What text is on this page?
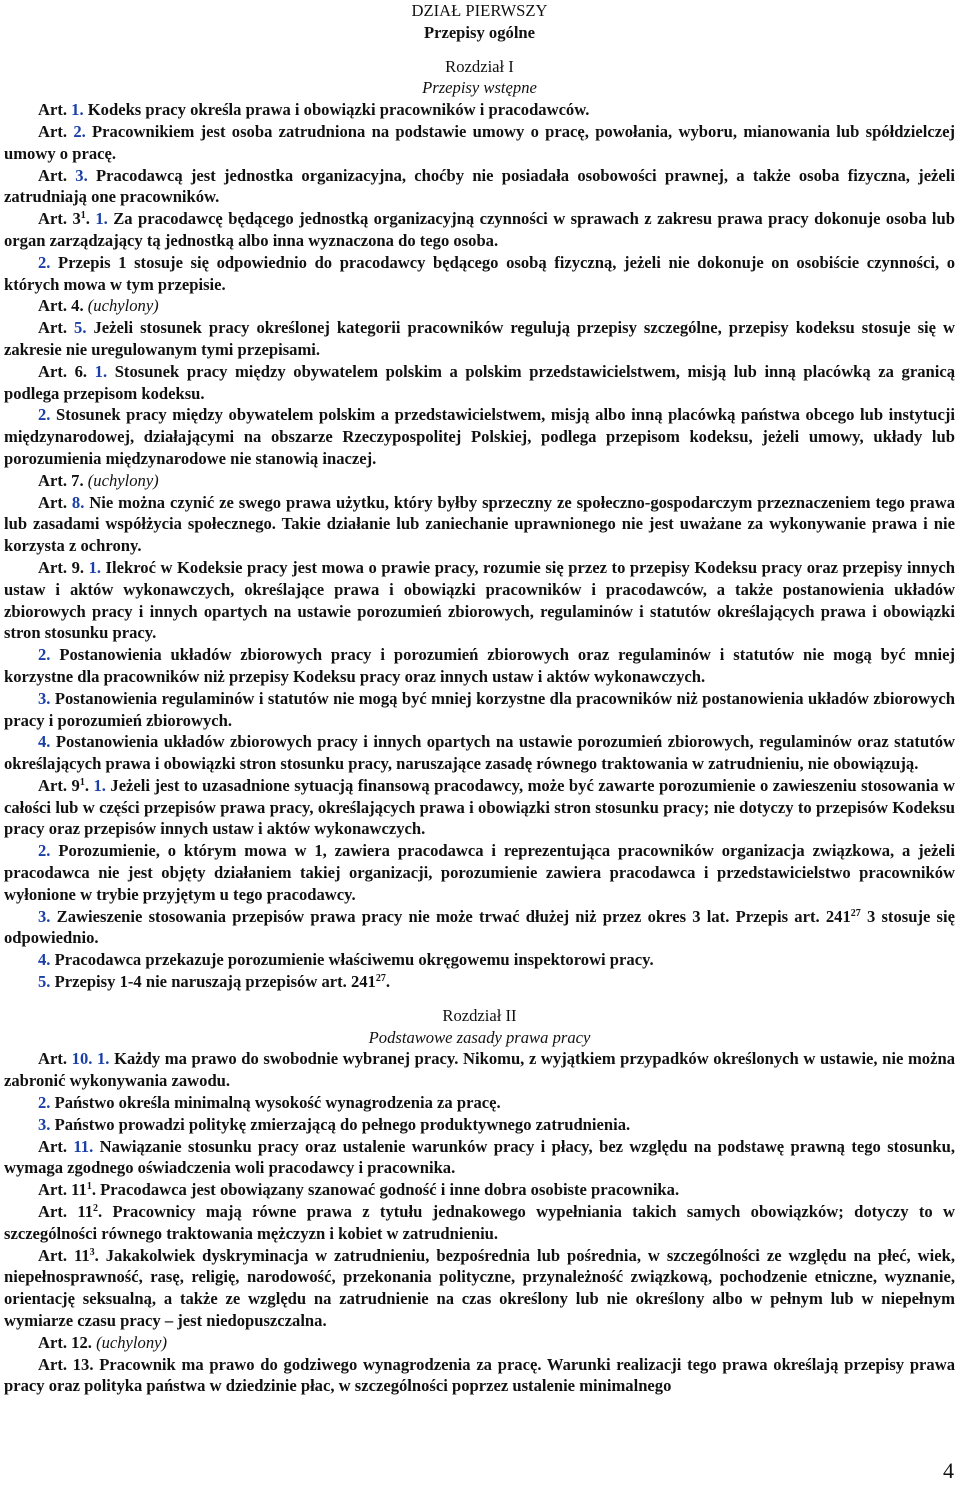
DZIAŁ PIERWSZY
Przepisy ogólne
Rozdział I
Przepisy wstępne

Art. 1. Kodeks pracy określa prawa i obowiązki pracowników i pracodawców.

Art. 2. Pracownikiem jest osoba zatrudniona na podstawie umowy o pracę, powołania, wyboru, mianowania lub spółdzielczej umowy o pracę.

Art. 3. Pracodawcą jest jednostka organizacyjna, choćby nie posiadała osobowości prawnej, a także osoba fizyczna, jeżeli zatrudniają one pracowników.

Art. $3^1$. 1. Za pracodawcę będącego jednostką organizacyjną czynności w sprawach z zakresu prawa pracy dokonuje osoba lub organ zarządzający tą jednostką albo inna wyznaczona do tego osoba.

2. Przepis 1 stosuje się odpowiednio do pracodawcy będącego osobą fizyczną, jeżeli nie dokonuje on osobiście czynności, o których mowa w tym przepisie.

Art. 4. (uchylony)

Art. 5. Jeżeli stosunek pracy określonej kategorii pracowników regulują przepisy szczególne, przepisy kodeksu stosuje się w zakresie nie uregulowanym tymi przepisami.

Art. 6. 1. Stosunek pracy między obywatelem polskim a polskim przedstawicielstwem, misją lub inną placówką za granicą podlega przepisom kodeksu.

2. Stosunek pracy między obywatelem polskim a przedstawicielstwem, misją albo inną placówką państwa obcego lub instytucji międzynarodowej, działającymi na obszarze Rzeczypospolitej Polskiej, podlega przepisom kodeksu, jeżeli umowy, układy lub porozumienia międzynarodowe nie stanowią inaczej.

Art. 7. (uchylony)

Art. 8. Nie można czynić ze swego prawa użytku, który byłby sprzeczny ze społeczno-gospodarczym przeznaczeniem tego prawa lub zasadami współżycia społecznego. Takie działanie lub zaniechanie uprawnionego nie jest uważane za wykonywanie prawa i nie korzysta z ochrony.

Art. 9. 1. Ilekroć w Kodeksie pracy jest mowa o prawie pracy, rozumie się przez to przepisy Kodeksu pracy oraz przepisy innych ustaw i aktów wykonawczych, określające prawa i obowiązki pracowników i pracodawców, a także postanowienia układów zbiorowych pracy i innych opartych na ustawie porozumień zbiorowych, regulaminów i statutów określających prawa i obowiązki stron stosunku pracy.

2. Postanowienia układów zbiorowych pracy i porozumień zbiorowych oraz regulaminów i statutów nie mogą być mniej korzystne dla pracowników niż przepisy Kodeksu pracy oraz innych ustaw i aktów wykonawczych.

3. Postanowienia regulaminów i statutów nie mogą być mniej korzystne dla pracowników niż postanowienia układów zbiorowych pracy i porozumień zbiorowych.

4. Postanowienia układów zbiorowych pracy i innych opartych na ustawie porozumień zbiorowych, regulaminów oraz statutów określających prawa i obowiązki stron stosunku pracy, naruszające zasadę równego traktowania w zatrudnieniu, nie obowiązują.

Art. $9^1$. 1. Jeżeli jest to uzasadnione sytuacją finansową pracodawcy, może być zawarte porozumienie o zawieszeniu stosowania w całości lub w części przepisów prawa pracy, określających prawa i obowiązki stron stosunku pracy; nie dotyczy to przepisów Kodeksu pracy oraz przepisów innych ustaw i aktów wykonawczych.

2. Porozumienie, o którym mowa w 1, zawiera pracodawca i reprezentująca pracowników organizacja związkowa, a jeżeli pracodawca nie jest objęty działaniem takiej organizacji, porozumienie zawiera pracodawca i przedstawicielstwo pracowników wyłonione w trybie przyjętym u tego pracodawcy.

3. Zawieszenie stosowania przepisów prawa pracy nie może trwać dłużej niż przez okres 3 lat. Przepis art. $241^{27}$ 3 stosuje się odpowiednio.

4. Pracodawca przekazuje porozumienie właściwemu okręgowemu inspektorowi pracy.

5. Przepisy 1-4 nie naruszają przepisów art. $241^{27}$.

Rozdział II
Podstawowe zasady prawa pracy

Art. 10. 1. Każdy ma prawo do swobodnie wybranej pracy. Nikomu, z wyjątkiem przypadków określonych w ustawie, nie można zabronić wykonywania zawodu.

2. Państwo określa minimalną wysokość wynagrodzenia za pracę.

3. Państwo prowadzi politykę zmierzającą do pełnego produktywnego zatrudnienia.

Art. 11. Nawiązanie stosunku pracy oraz ustalenie warunków pracy i płacy, bez względu na podstawę prawną tego stosunku, wymaga zgodnego oświadczenia woli pracodawcy i pracownika.

Art. $11^1$. Pracodawca jest obowiązany szanować godność i inne dobra osobiste pracownika.

Art. $11^2$. Pracownicy mają równe prawa z tytułu jednakowego wypełniania takich samych obowiązków; dotyczy to w szczególności równego traktowania mężczyzn i kobiet w zatrudnieniu.

Art. $11^3$. Jakakolwiek dyskryminacja w zatrudnieniu, bezpośrednia lub pośrednia, w szczególności ze względu na płeć, wiek, niepełnosprawność, rasę, religię, narodowość, przekonania polityczne, przynależność związkową, pochodzenie etniczne, wyznanie, orientację seksualną, a także ze względu na zatrudnienie na czas określony lub nie określony albo w pełnym lub w niepełnym wymiarze czasu pracy – jest niedopuszczalna.

Art. 12. (uchylony)

Art. 13. Pracownik ma prawo do godziwego wynagrodzenia za pracę. Warunki realizacji tego prawa określają przepisy prawa pracy oraz polityka państwa w dziedzinie płac, w szczególności poprzez ustalenie minimalnego

4
